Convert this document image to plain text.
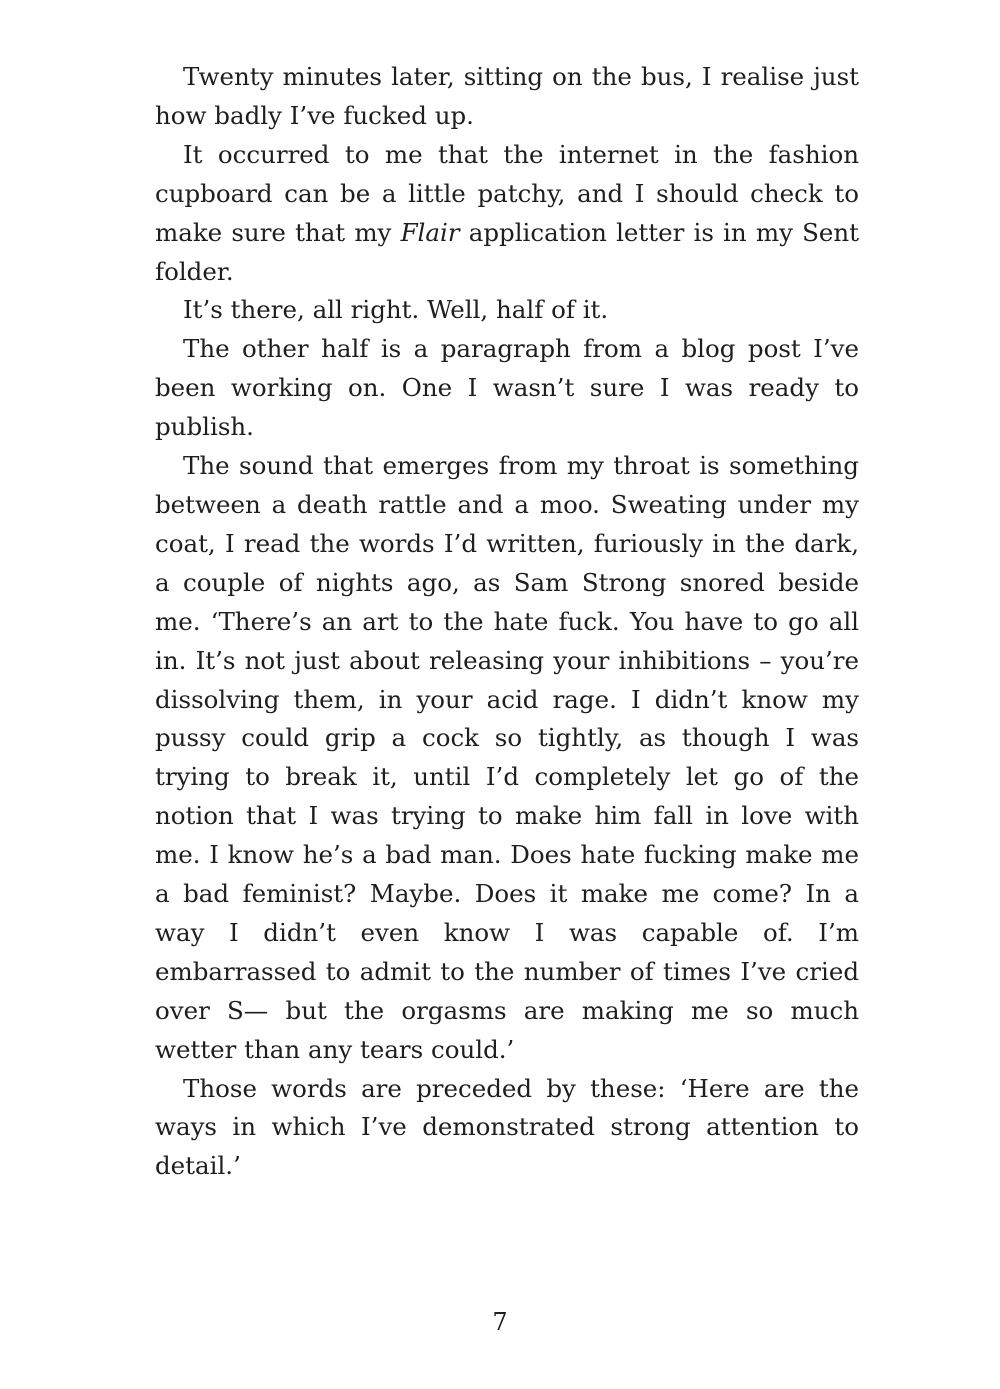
Twenty minutes later, sitting on the bus, I realise just how badly I’ve fucked up.

It occurred to me that the internet in the fashion cupboard can be a little patchy, and I should check to make sure that my Flair application letter is in my Sent folder.

It’s there, all right. Well, half of it.

The other half is a paragraph from a blog post I’ve been working on. One I wasn’t sure I was ready to publish.

The sound that emerges from my throat is something between a death rattle and a moo. Sweating under my coat, I read the words I’d written, furiously in the dark, a couple of nights ago, as Sam Strong snored beside me. ‘There’s an art to the hate fuck. You have to go all in. It’s not just about releasing your inhibitions – you’re dissolving them, in your acid rage. I didn’t know my pussy could grip a cock so tightly, as though I was trying to break it, until I’d completely let go of the notion that I was trying to make him fall in love with me. I know he’s a bad man. Does hate fucking make me a bad feminist? Maybe. Does it make me come? In a way I didn’t even know I was capable of. I’m embarrassed to admit to the number of times I’ve cried over S— but the orgasms are making me so much wetter than any tears could.’

Those words are preceded by these: ‘Here are the ways in which I’ve demonstrated strong attention to detail.’

7
